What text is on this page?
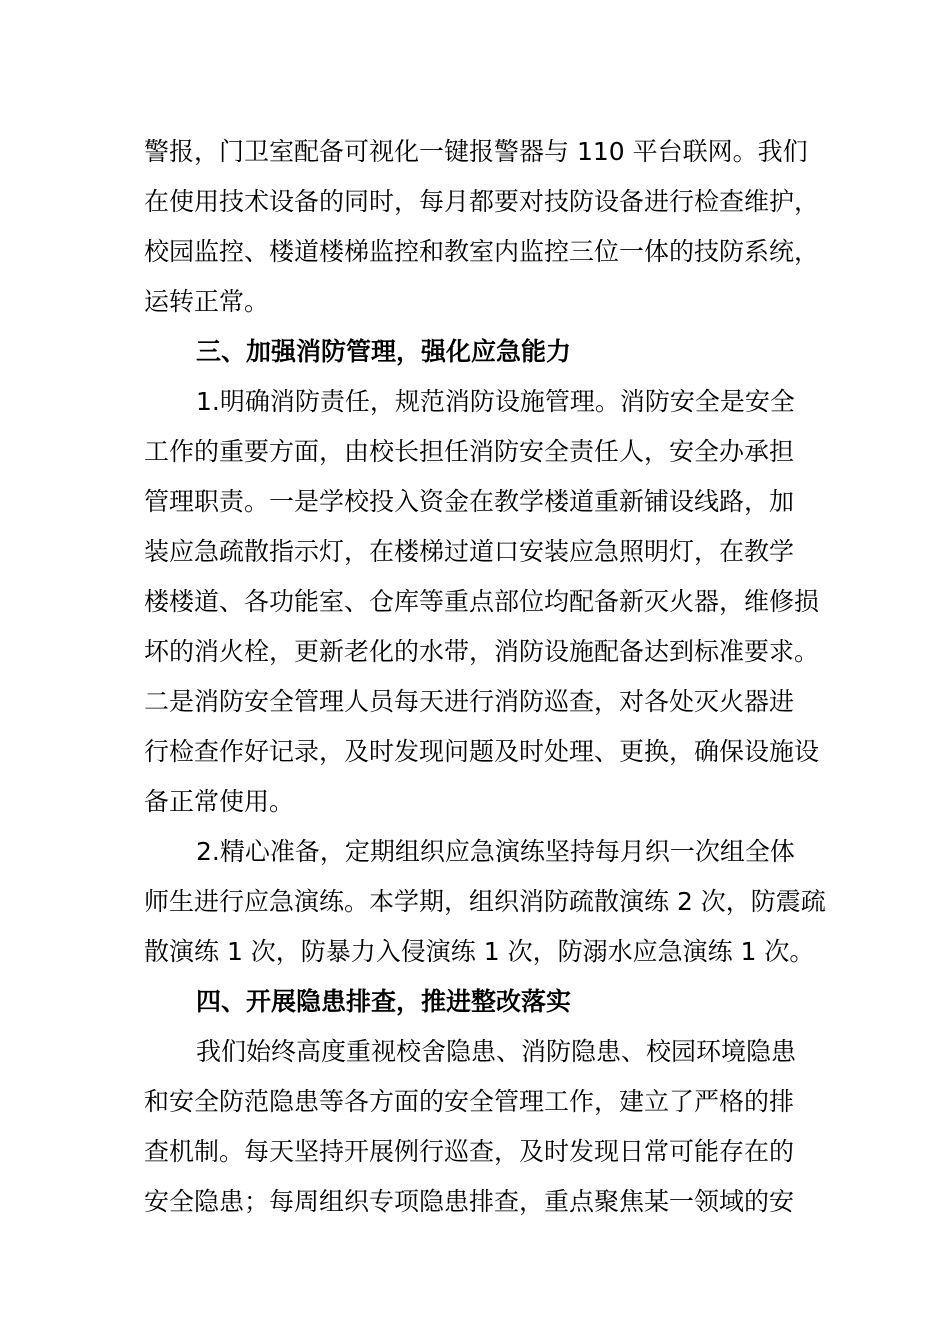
警报，门卫室配备可视化一键报警器与 110 平台联网。我们
在使用技术设备的同时，每月都要对技防设备进行检查维护，
校园监控、楼道楼梯监控和教室内监控三位一体的技防系统，
运转正常。
三、加强消防管理，强化应急能力
1.明确消防责任，规范消防设施管理。消防安全是安全
工作的重要方面，由校长担任消防安全责任人，安全办承担
管理职责。一是学校投入资金在教学楼道重新铺设线路，加
装应急疏散指示灯，在楼梯过道口安装应急照明灯，在教学
楼楼道、各功能室、仓库等重点部位均配备新灭火器，维修损
坏的消火栓，更新老化的水带，消防设施配备达到标准要求。
二是消防安全管理人员每天进行消防巡查，对各处灭火器进
行检查作好记录，及时发现问题及时处理、更换，确保设施设
备正常使用。
2.精心准备，定期组织应急演练坚持每月织一次组全体
师生进行应急演练。本学期，组织消防疏散演练 2 次，防震疏
散演练 1 次，防暴力入侵演练 1 次，防溺水应急演练 1 次。
四、开展隐患排查，推进整改落实
我们始终高度重视校舍隐患、消防隐患、校园环境隐患
和安全防范隐患等各方面的安全管理工作，建立了严格的排
查机制。每天坚持开展例行巡查，及时发现日常可能存在的
安全隐患；每周组织专项隐患排查，重点聚焦某一领域的安
